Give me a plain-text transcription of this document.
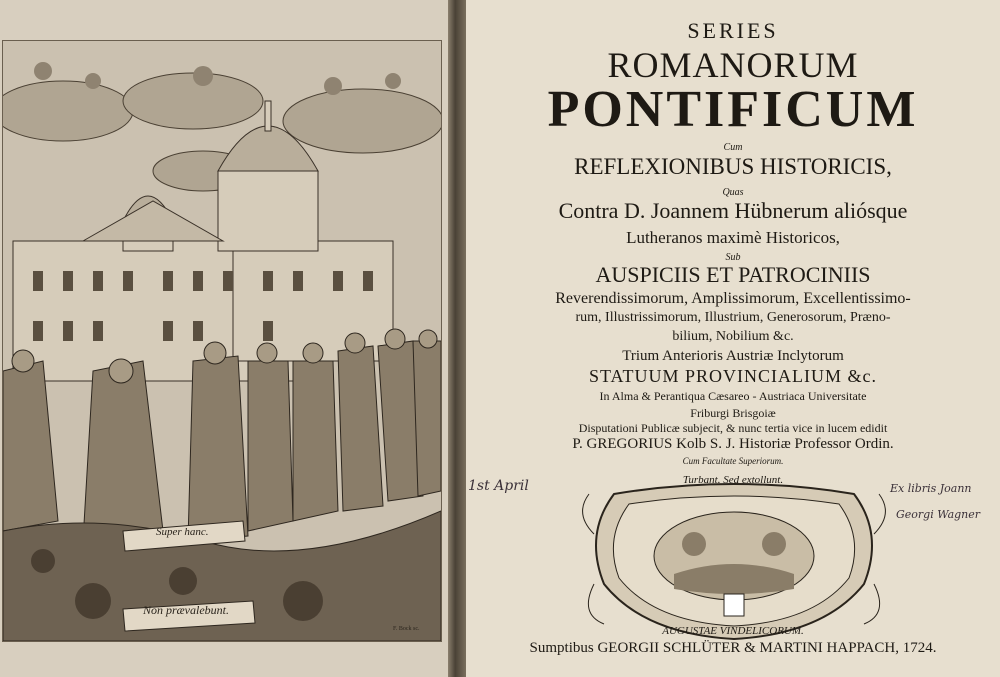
Super hanc.
Non prævalebunt.
F. Bock sc.
SERIES
ROMANORUM
PONTIFICUM
Cum
REFLEXIONIBUS HISTORICIS,
Quas
Contra D. Joannem Hübnerum aliósque
Lutheranos maximè Historicos,
Sub
AUSPICIIS ET PATROCINIIS
Reverendissimorum, Amplissimorum, Excellentissimo-
rum, Illustrissimorum, Illustrium, Generosorum, Præno-
bilium, Nobilium &c.
Trium Anterioris Austriæ Inclytorum
STATUUM PROVINCIALIUM &c.
In Alma & Perantiqua Cæsareo - Austriaca Universitate
Friburgi Brisgoiæ
Disputationi Publicæ subjecit, & nunc tertia vice in lucem edidit
P. GREGORIUS Kolb S. J. Historiæ Professor Ordin.
Cum Facultate Superiorum.
Turbant. Sed extollunt.
AUGUSTAE VINDELICORUM.
Sumptibus GEORGII SCHLÜTER & MARTINI HAPPACH, 1724.
1st April	Ex libris Joann
Georgi Wagner
